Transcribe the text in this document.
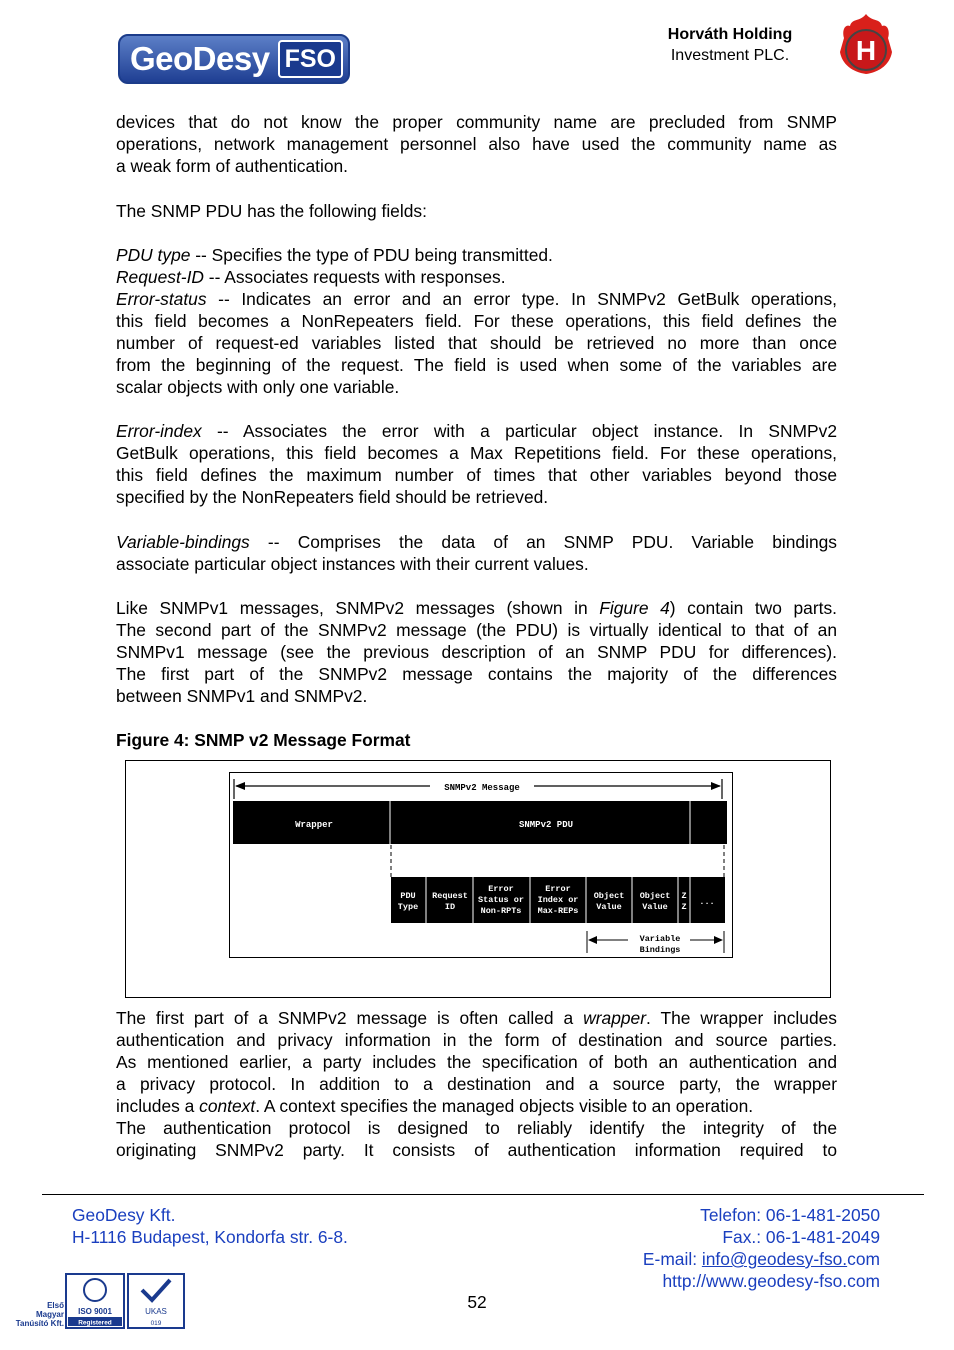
GeoDesy FSO
Horváth Holding
Investment PLC.	H
devices that do not know the proper community name are precluded from SNMP
operations, network management personnel also have used the community name as
a weak form of authentication.
The SNMP PDU has the following fields:
PDU type -- Specifies the type of PDU being transmitted.
Request-ID -- Associates requests with responses.
Error-status -- Indicates an error and an error type. In SNMPv2 GetBulk operations,
this field becomes a NonRepeaters field. For these operations, this field defines the
number of request-ed variables listed that should be retrieved no more than once
from the beginning of the request. The field is used when some of the variables are
scalar objects with only one variable.
Error-index -- Associates the error with a particular object instance. In SNMPv2
GetBulk operations, this field becomes a Max Repetitions field. For these operations,
this field defines the maximum number of times that other variables beyond those
specified by the NonRepeaters field should be retrieved.
Variable-bindings -- Comprises the data of an SNMP PDU. Variable bindings
associate particular object instances with their current values.
Like SNMPv1 messages, SNMPv2 messages (shown in Figure 4) contain two parts.
The second part of the SNMPv2 message (the PDU) is virtually identical to that of an
SNMPv1 message (see the previous description of an SNMP PDU for differences).
The first part of the SNMPv2 message contains the majority of the differences
between SNMPv1 and SNMPv2.
Figure 4: SNMP v2 Message Format
SNMPv2 Message
Wrapper	SNMPv2 PDU
PDU
Type
Request
ID
Error
Status or
Non-RPTs
Error
Index or
Max-REPs
Object
Value
Object
Value
Z
Z ...
Variable
Bindings
The first part of a SNMPv2 message is often called a wrapper. The wrapper includes
authentication and privacy information in the form of destination and source parties.
As mentioned earlier, a party includes the specification of both an authentication and
a privacy protocol. In addition to a destination and a source party, the wrapper
includes a context. A context specifies the managed objects visible to an operation.
The authentication protocol is designed to reliably identify the integrity of the
originating SNMPv2 party. It consists of authentication information required to
GeoDesy Kft.
H-1116 Budapest, Kondorfa str. 6-8.
Telefon: 06-1-481-2050
Fax.: 06-1-481-2049
E-mail: info@geodesy-fso.com
http://www.geodesy-fso.com
52
Első
Magyar
Tanúsító Kft.
ISO 9001
Registered
UKAS
019
